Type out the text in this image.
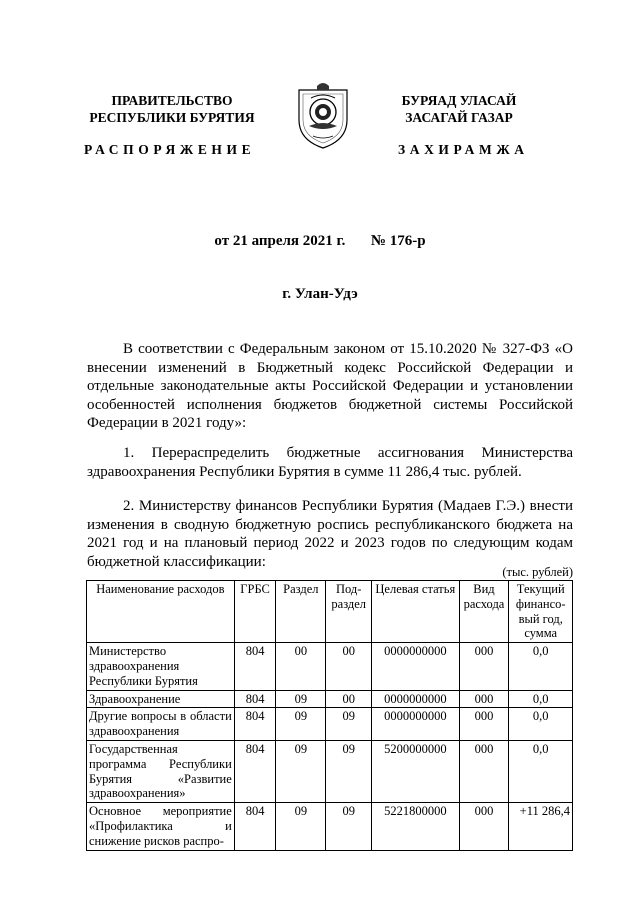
ПРАВИТЕЛЬСТВО
РЕСПУБЛИКИ БУРЯТИЯ
БУРЯАД УЛАСАЙ
ЗАСАГАЙ ГАЗАР
РАСПОРЯЖЕНИЕ	ЗАХИРАМЖА
от 21 апреля 2021 г. № 176-р
г. Улан-Удэ

В соответствии с Федеральным законом от 15.10.2020 № 327-ФЗ «О внесении изменений в Бюджетный кодекс Российской Федерации и отдельные законодательные акты Российской Федерации и установлении особенностей исполнения бюджетов бюджетной системы Российской Федерации в 2021 году»:

1. Перераспределить бюджетные ассигнования Министерства здравоохранения Республики Бурятия в сумме 11 286,4 тыс. рублей.

2. Министерству финансов Республики Бурятия (Мадаев Г.Э.) внести изменения в сводную бюджетную роспись республиканского бюджета на 2021 год и на плановый период 2022 и 2023 годов по следующим кодам бюджетной классификации:

(тыс. рублей)
Наименование расходов	ГРБС	Раздел	Под-раздел	Целевая статья	Вид расхода	Текущий финансо-вый год, сумма
Министерство здравоохранения Республики Бурятия	804	00	00	0000000000	000	0,0
Здравоохранение	804	09	00	0000000000	000	0,0
Другие вопросы в области здравоохранения	804	09	09	0000000000	000	0,0
Государственная программа Республики Бурятия «Развитие здравоохранения»	804	09	09	5200000000	000	0,0
Основное мероприятие «Профилактика и снижение рисков распро-	804	09	09	5221800000	000	+11 286,4
